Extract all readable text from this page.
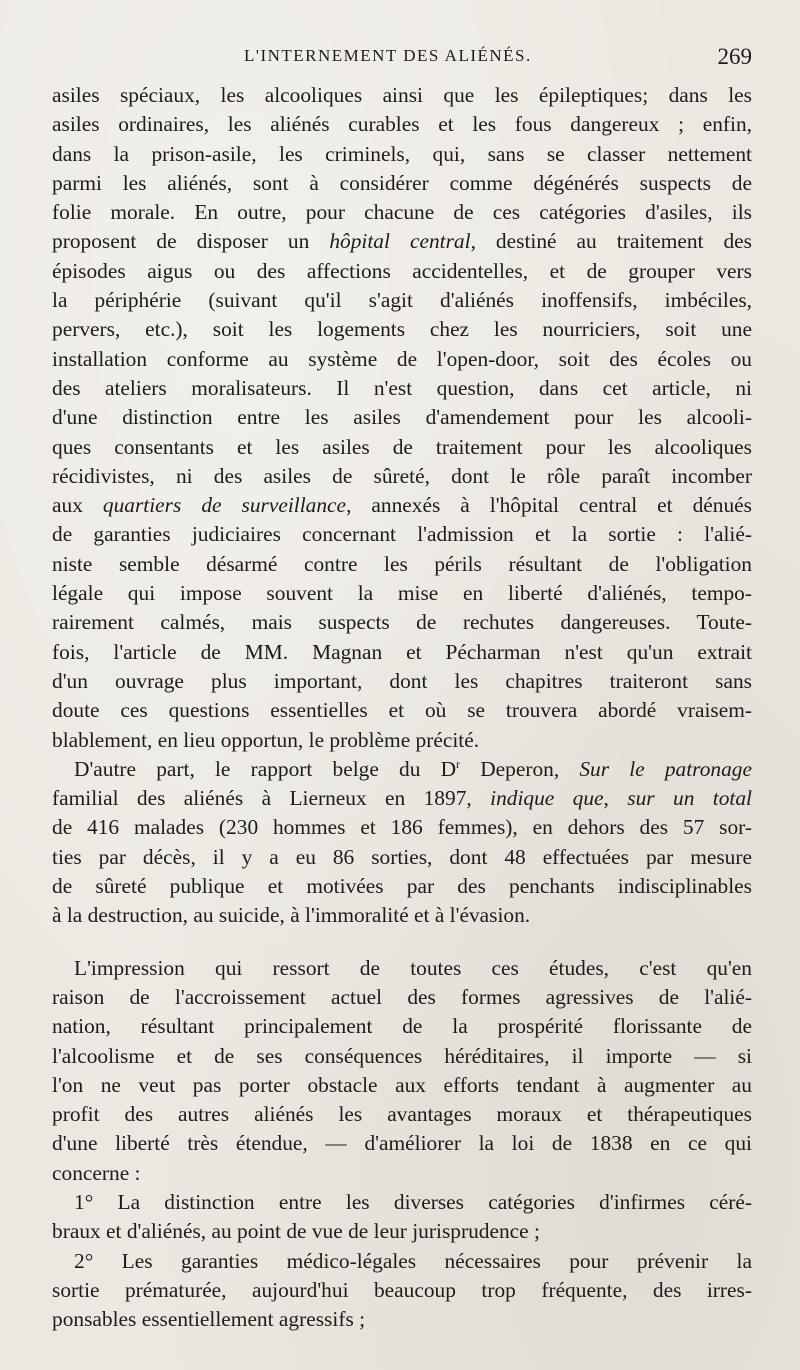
L'INTERNEMENT DES ALIÉNÉS.	269
asiles spéciaux, les alcooliques ainsi que les épileptiques; dans les
asiles ordinaires, les aliénés curables et les fous dangereux ; enfin,
dans la prison-asile, les criminels, qui, sans se classer nettement
parmi les aliénés, sont à considérer comme dégénérés suspects de
folie morale. En outre, pour chacune de ces catégories d'asiles, ils
proposent de disposer un hôpital central, destiné au traitement des
épisodes aigus ou des affections accidentelles, et de grouper vers
la périphérie (suivant qu'il s'agit d'aliénés inoffensifs, imbéciles,
pervers, etc.), soit les logements chez les nourriciers, soit une
installation conforme au système de l'open-door, soit des écoles ou
des ateliers moralisateurs. Il n'est question, dans cet article, ni
d'une distinction entre les asiles d'amendement pour les alcooli-
ques consentants et les asiles de traitement pour les alcooliques
récidivistes, ni des asiles de sûreté, dont le rôle paraît incomber
aux quartiers de surveillance, annexés à l'hôpital central et dénués
de garanties judiciaires concernant l'admission et la sortie : l'alié-
niste semble désarmé contre les périls résultant de l'obligation
légale qui impose souvent la mise en liberté d'aliénés, tempo-
rairement calmés, mais suspects de rechutes dangereuses. Toute-
fois, l'article de MM. Magnan et Pécharman n'est qu'un extrait
d'un ouvrage plus important, dont les chapitres traiteront sans
doute ces questions essentielles et où se trouvera abordé vraisem-
blablement, en lieu opportun, le problème précité.
D'autre part, le rapport belge du $D^r$ Deperon, Sur le patronage
familial des aliénés à Lierneux en 1897, indique que, sur un total
de 416 malades (230 hommes et 186 femmes), en dehors des 57 sor-
ties par décès, il y a eu 86 sorties, dont 48 effectuées par mesure
de sûreté publique et motivées par des penchants indisciplinables
à la destruction, au suicide, à l'immoralité et à l'évasion.
L'impression qui ressort de toutes ces études, c'est qu'en
raison de l'accroissement actuel des formes agressives de l'alié-
nation, résultant principalement de la prospérité florissante de
l'alcoolisme et de ses conséquences héréditaires, il importe — si
l'on ne veut pas porter obstacle aux efforts tendant à augmenter au
profit des autres aliénés les avantages moraux et thérapeutiques
d'une liberté très étendue, — d'améliorer la loi de 1838 en ce qui
concerne :
1° La distinction entre les diverses catégories d'infirmes céré-
braux et d'aliénés, au point de vue de leur jurisprudence ;
2° Les garanties médico-légales nécessaires pour prévenir la
sortie prématurée, aujourd'hui beaucoup trop fréquente, des irres-
ponsables essentiellement agressifs ;
